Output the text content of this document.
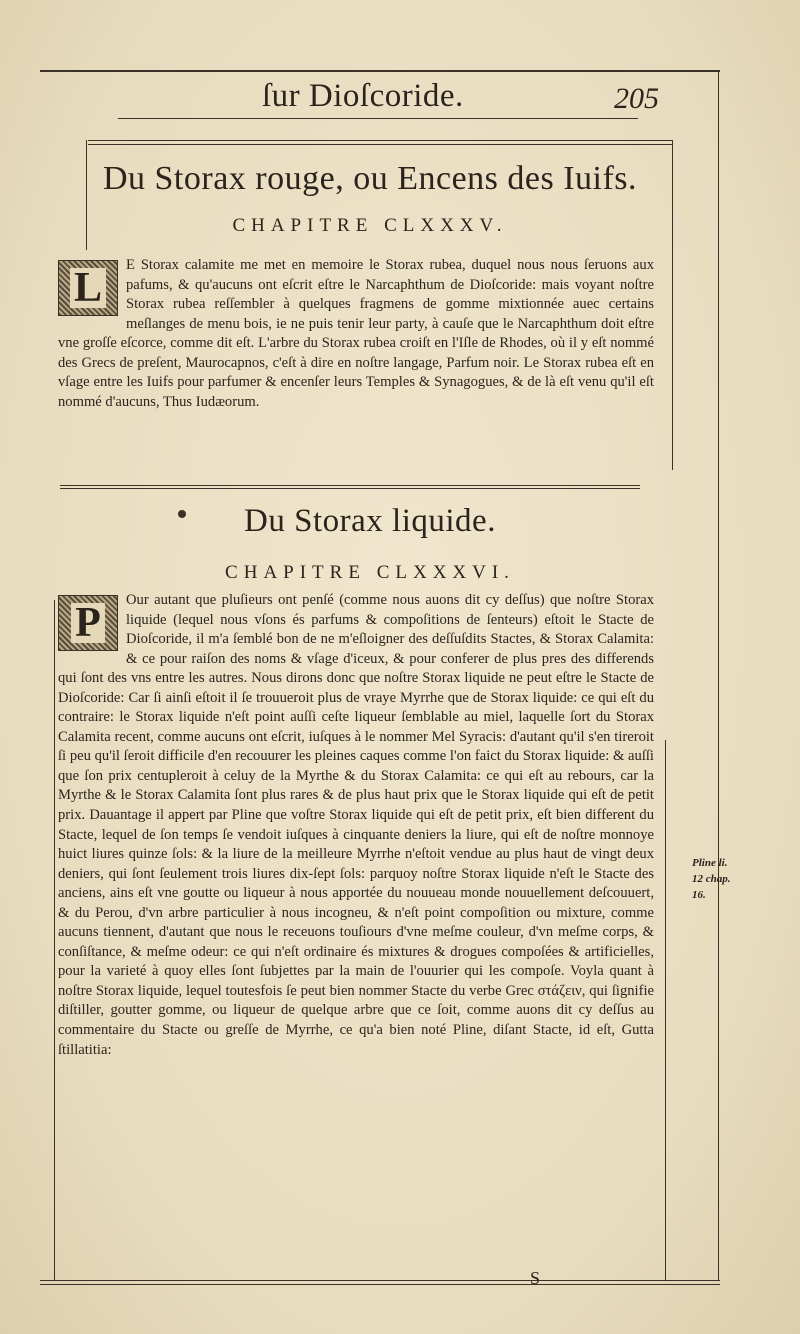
ſur Dioſcoride.	205
Du Storax rouge, ou Encens des Iuifs.
CHAPITRE CLXXXV.
L E Storax calamite me met en memoire le Storax rubea, duquel nous nous ſeruons aux pafums, & qu'aucuns ont eſcrit eſtre le Narcaphthum de Dioſcoride: mais voyant noſtre Storax rubea reſſembler à quelques fragmens de gomme mixtionnée auec certains meſlanges de menu bois, ie ne puis tenir leur party, à cauſe que le Narcaphthum doit eſtre vne groſſe eſcorce, comme dit eſt. L'arbre du Storax rubea croiſt en l'Iſle de Rhodes, où il y eſt nommé des Grecs de preſent, Maurocapnos, c'eſt à dire en noſtre langage, Parfum noir. Le Storax rubea eſt en vſage entre les Iuifs pour parfumer & encenſer leurs Temples & Synagogues, & de là eſt venu qu'il eſt nommé d'aucuns, Thus Iudæorum.
Du Storax liquide.
CHAPITRE CLXXXVI.
P Our autant que pluſieurs ont penſé (comme nous auons dit cy deſſus) que noſtre Storax liquide (lequel nous vſons és parfums & compoſitions de ſenteurs) eſtoit le Stacte de Dioſcoride, il m'a ſemblé bon de ne m'eſloigner des deſſuſdits Stactes, & Storax Calamita: & ce pour raiſon des noms & vſage d'iceux, & pour conferer de plus pres des differends qui ſont des vns entre les autres. Nous dirons donc que noſtre Storax liquide ne peut eſtre le Stacte de Dioſcoride: Car ſi ainſi eſtoit il ſe trouueroit plus de vraye Myrrhe que de Storax liquide: ce qui eſt du contraire: le Storax liquide n'eſt point auſſi ceſte liqueur ſemblable au miel, laquelle ſort du Storax Calamita recent, comme aucuns ont eſcrit, iuſques à le nommer Mel Syracis: d'autant qu'il s'en tireroit ſi peu qu'il ſeroit difficile d'en recouurer les pleines caques comme l'on faict du Storax liquide: & auſſi que ſon prix centupleroit à celuy de la Myrthe & du Storax Calamita: ce qui eſt au rebours, car la Myrthe & le Storax Calamita ſont plus rares & de plus haut prix que le Storax liquide qui eſt de petit prix. Dauantage il appert par Pline que voſtre Storax liquide qui eſt de petit prix, eſt bien different du Stacte, lequel de ſon temps ſe vendoit iuſques à cinquante deniers la liure, qui eſt de noſtre monnoye huict liures quinze ſols: & la liure de la meilleure Myrrhe n'eſtoit vendue au plus haut de vingt deux deniers, qui ſont ſeulement trois liures dix-ſept ſols: parquoy noſtre Storax liquide n'eſt le Stacte des anciens, ains eſt vne goutte ou liqueur à nous apportée du nouueau monde nouuellement deſcouuert, & du Perou, d'vn arbre particulier à nous incogneu, & n'eſt point compoſition ou mixture, comme aucuns tiennent, d'autant que nous le receuons touſiours d'vne meſme couleur, d'vn meſme corps, & conſiſtance, & meſme odeur: ce qui n'eſt ordinaire és mixtures & drogues compoſées & artificielles, pour la varieté à quoy elles ſont ſubjettes par la main de l'ouurier qui les compoſe. Voyla quant à noſtre Storax liquide, lequel toutesfois ſe peut bien nommer Stacte du verbe Grec στάζειν, qui ſignifie diſtiller, goutter gomme, ou liqueur de quelque arbre que ce ſoit, comme auons dit cy deſſus au commentaire du Stacte ou greſſe de Myrrhe, ce qu'a bien noté Pline, diſant Stacte, id eſt, Gutta ſtillatitia:
Pline li.
12 chap.
16.
S
